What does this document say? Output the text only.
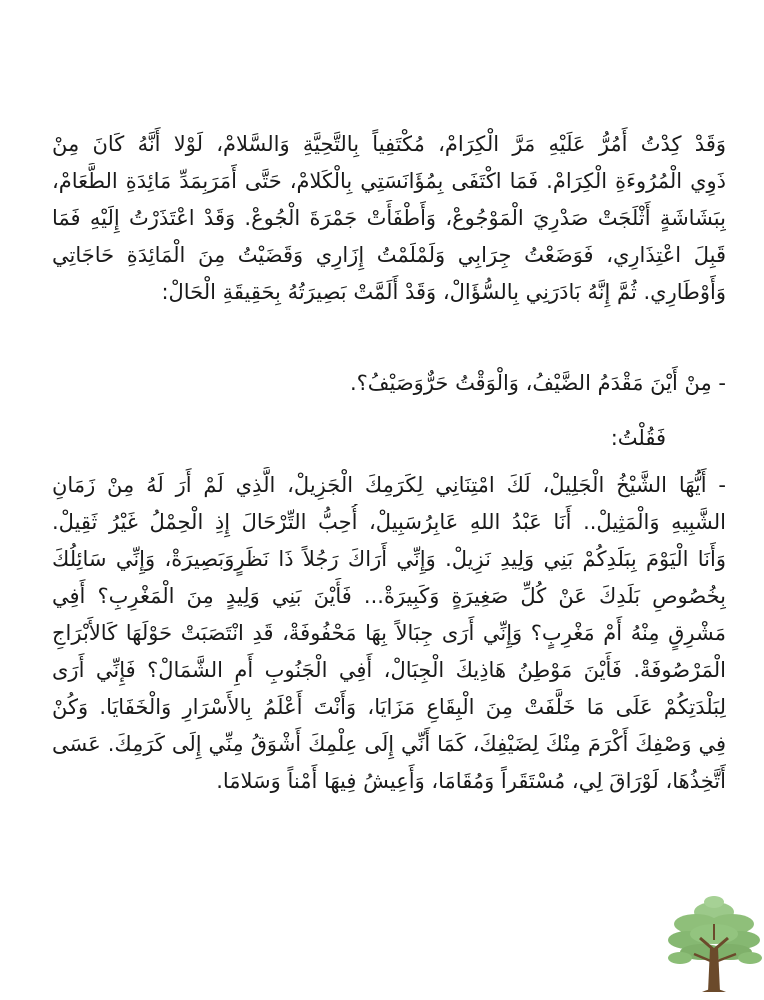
وَقَدْ كِدْتُ أَمُرُّ عَلَيْهِ مَرَّ الْكِرَامْ، مُكْتَفِياً بِالتَّحِيَّةِ وَالسَّلامْ، لَوْلا أَنَّهُ كَانَ مِنْ
ذَوِي الْمُرُوءَةِ الْكِرَامْ. فَمَا اكْتَفَى بِمُؤَانَسَتِي بِالْكَلامْ، حَتَّى أَمَرَبِمَدِّ مَائِدَةِ الطَّعَامْ،
بِبَشَاشَةٍ أَثْلَجَتْ صَدْرِيَ الْمَوْجُوعْ، وَأَطْفَأَتْ جَمْرَةَ الْجُوعْ. وَقَدْ اعْتَذَرْتُ إِلَيْهِ فَمَا
قَبِلَ اعْتِذَارِي، فَوَضَعْتُ جِرَابِي وَلَمْلَمْتُ إِزَارِي وَقَضَيْتُ مِنَ الْمَائِدَةِ حَاجَاتِي
وَأَوْطَارِي. ثُمَّ إِنَّهُ بَادَرَنِي بِالسُّؤَالْ، وَقَدْ أَلَمَّتْ بَصِيرَتُهُ بِحَقِيقَةِ الْحَالْ:
- مِنْ أَيْنَ مَقْدَمُ الضَّيْفُ، وَالْوَقْتُ حَرٌّوَصَيْفُ؟.
فَقُلْتُ:
- أَيُّهَا الشَّيْخُ الْجَلِيلْ، لَكَ امْتِنَانِي لِكَرَمِكَ الْجَزِيلْ، الَّذِي لَمْ أَرَ لَهُ مِنْ زَمَانِ
الشَّبِيهِ وَالْمَثِيلْ.. أَنَا عَبْدُ اللهِ عَابِرُسَبِيلْ، أُحِبُّ التِّرْحَالَ إِذِ الْحِمْلُ غَيْرُ ثَقِيلْ.
وَأَنَا الْيَوْمَ بِبَلَدِكُمْ بَنِي وَلِيدِ نَزِيلْ. وَإِنِّي أَرَاكَ رَجُلاً ذَا نَظَرٍوَبَصِيرَةْ، وَإِنِّي سَائِلُكَ
بِخُصُوصِ بَلَدِكَ عَنْ كُلِّ صَغِيرَةٍ وَكَبِيرَةْ... فَأَيْنَ بَنِي وَلِيدٍ مِنَ الْمَغْرِبِ؟ أَفِي
مَشْرِقٍ مِنْهُ أَمْ مَغْرِبٍ؟ وَإِنِّي أَرَى جِبَالاً بِهَا مَحْفُوفَةْ، قَدِ انْتَصَبَتْ حَوْلَهَا كَالأَبْرَاجِ
الْمَرْصُوفَةْ. فَأَيْنَ مَوْطِنُ هَاذِيكَ الْجِبَالْ، أَفِي الْجَنُوبِ أَمِ الشَّمَالْ؟ فَإِنِّي أَرَى
لِبَلْدَتِكُمْ عَلَى مَا خَلَّفَتْ مِنَ الْبِقَاعِ مَزَايَا، وَأَنْتَ أَعْلَمُ بِالأَسْرَارِ وَالْخَفَايَا. وَكُنْ
فِي وَصْفِكَ أَكْرَمَ مِنْكَ لِضَيْفِكَ، كَمَا أَنِّي إِلَى عِلْمِكَ أَشْوَقُ مِنِّي إِلَى كَرَمِكَ. عَسَى
أَتَّخِذُهَا، لَوْرَاقَ لِي، مُسْتَقَراً وَمُقَامَا، وَأَعِيشُ فِيهَا أَمْناً وَسَلامَا.
